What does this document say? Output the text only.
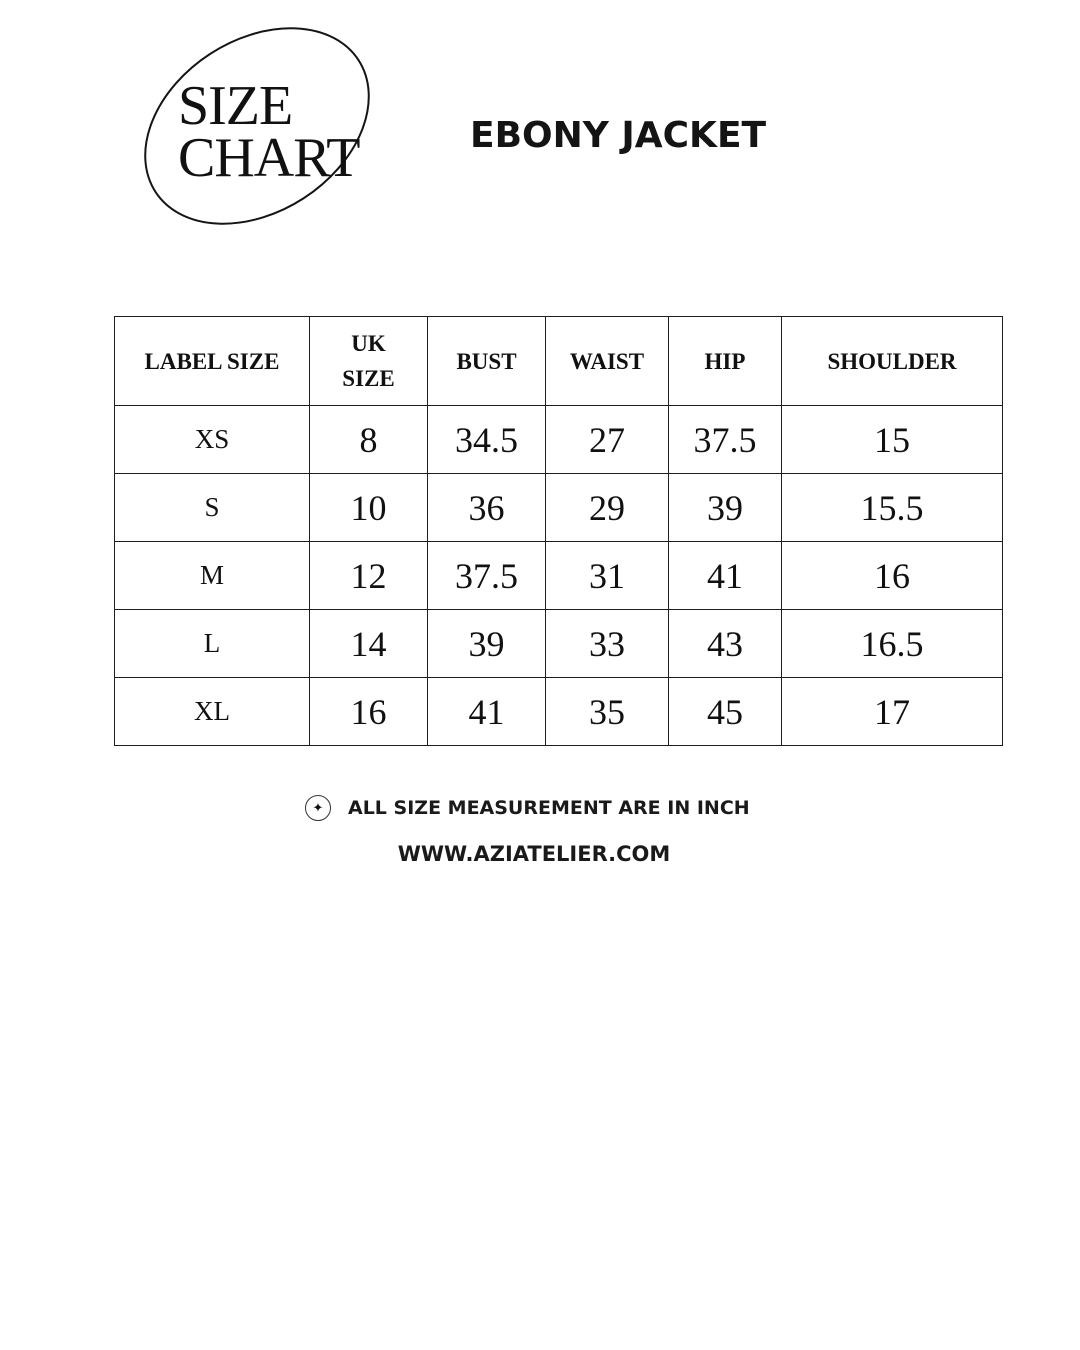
SIZE
CHART	EBONY JACKET
LABEL SIZE	UK SIZE	BUST	WAIST	HIP	SHOULDER
XS	8	34.5	27	37.5	15
S	10	36	29	39	15.5
M	12	37.5	31	41	16
L	14	39	33	43	16.5
XL	16	41	35	45	17
✦	ALL SIZE MEASUREMENT ARE IN INCH
WWW.AZIATELIER.COM
